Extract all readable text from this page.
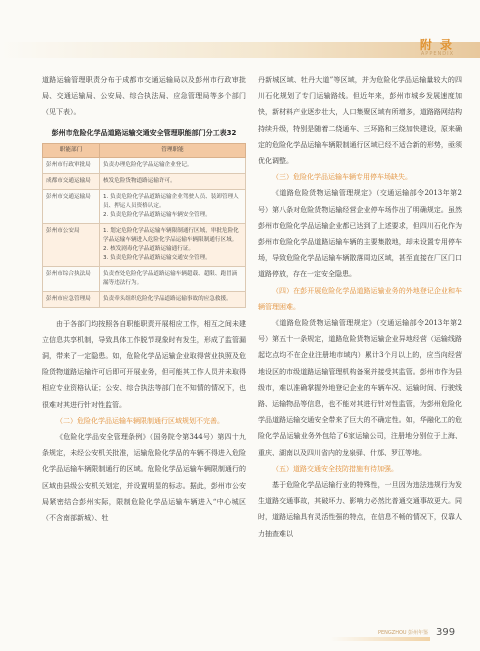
附 录
APPENDIX

道路运输管理职责分布于成都市交通运输局以及彭州市行政审批局、交通运输局、公安局、综合执法局、应急管理局等多个部门（见下表）。

彭州市危险化学品道路运输交通安全管理职能部门分工表32
职能部门	管理职能
彭州市行政审批局	负责办理危险化学品运输企业登记。

成都市交通运输局	核发危险货物道路运输许可。

彭州市交通运输局	1. 负责危险化学品道路运输企业驾驶人员、装卸管理人员、押运人员资格认定。
2. 负责危险化学品道路运输车辆安全管理。

彭州市公安局	1. 划定危险化学品运输车辆限制通行区域，审批危险化学品运输车辆进入危险化学品运输车辆限制通行区域。
2. 核发剧毒化学品道路运输通行证。
3. 负责危险化学品道路运输交通安全管理。

彭州市综合执法局	负责查处危险化学品道路运输车辆超载、超限、跑冒滴漏等违法行为。

彭州市应急管理局	负责牵头组织危险化学品道路运输事故的应急救援。

由于各部门均按照各自职能职责开展相应工作，相互之间未建立信息共享机制，导致具体工作脱节现象时有发生，形成了监管漏洞，带来了一定隐患。如，危险化学品运输企业取得营业执照及危险货物道路运输许可后即可开展业务，但可能其工作人员并未取得相应专业资格认证；公安、综合执法等部门在不知情的情况下，也很难对其进行针对性监管。

（二）危险化学品运输车辆限制通行区域规划不完善。

《危险化学品安全管理条例》（国务院令第344号）第四十九条规定，未经公安机关批准，运输危险化学品的车辆不得进入危险化学品运输车辆限制通行的区域。危险化学品运输车辆限制通行的区域由县级公安机关划定，并设置明显的标志。据此，彭州市公安局紧密结合彭州实际，限制危险化学品运输车辆进入“中心城区（不含南部新城）、牡

丹新城区域、牡丹大道”等区域，并为危险化学品运输量较大的四川石化规划了专门运输路线。但近年来，彭州市城乡发展速度加快，新材料产业逐步壮大，人口集聚区域有所增多，道路路网结构持续升级，特别是随着二绕通车、三环路和三绕加快建设，原来确定的危险化学品运输车辆限制通行区域已经不适合新的形势，亟须优化调整。

（三）危险化学品运输车辆专用停车场缺失。

《道路危险货物运输管理规定》（交通运输部令2013年第2号）第八条对危险货物运输经营企业停车场作出了明确规定。虽然彭州市危险化学品运输企业都已达到了上述要求，但四川石化作为彭州市危险化学品道路运输车辆的主要集散地，却未设置专用停车场，导致危险化学品运输车辆散落周边区域，甚至直接在厂区门口道路停放，存在一定安全隐患。

（四）在彭开展危险化学品道路运输业务的外地登记企业和车辆管理困难。

《道路危险货物运输管理规定》（交通运输部令2013年第2号）第五十一条规定，道路危险货物运输企业异地经营（运输线路起讫点均不在企业注册地市域内）累计3个月以上的，应当向经营地设区的市级道路运输管理机构备案并接受其监管。彭州市作为县级市，难以准确掌握外地登记企业的车辆车况、运输时间、行驶线路、运输物品等信息，也不能对其进行针对性监管，为彭州危险化学品道路运输交通安全带来了巨大的不确定性。如，华融化工的危险化学品运输业务外包给了6家运输公司，注册地分别位于上海、重庆、湖南以及四川省内的龙泉驿、什邡、罗江等地。

（五）道路交通安全技防措施有待加强。

基于危险化学品运输行业的特殊性，一旦因为违法违规行为发生道路交通事故，其破坏力、影响力必然比普通交通事故更大。同时，道路运输具有灵活性强的特点，在信息不畅的情况下，仅靠人力抽查难以

PENGZHOU 彭州年鉴 399
